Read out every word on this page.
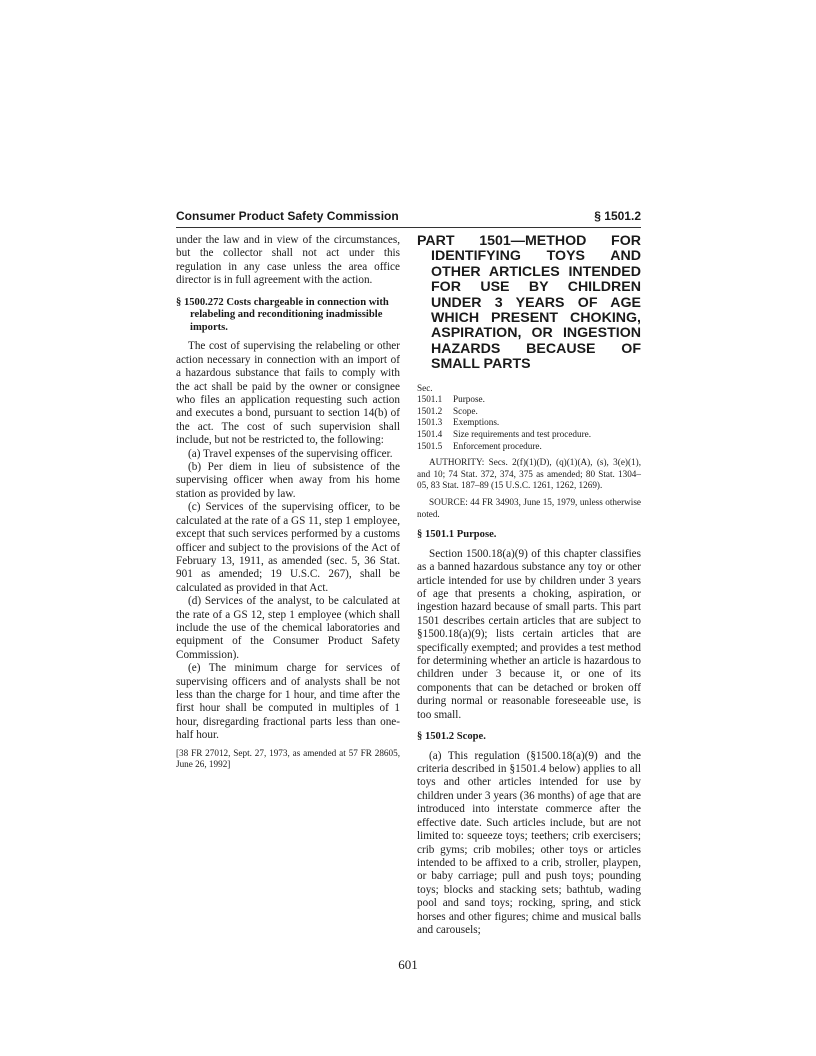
Consumer Product Safety Commission	§ 1501.2

under the law and in view of the circumstances, but the collector shall not act under this regulation in any case unless the area office director is in full agreement with the action.

§ 1500.272 Costs chargeable in connection with relabeling and reconditioning inadmissible imports.

The cost of supervising the relabeling or other action necessary in connection with an import of a hazardous substance that fails to comply with the act shall be paid by the owner or consignee who files an application requesting such action and executes a bond, pursuant to section 14(b) of the act. The cost of such supervision shall include, but not be restricted to, the following:

(a) Travel expenses of the supervising officer.

(b) Per diem in lieu of subsistence of the supervising officer when away from his home station as provided by law.

(c) Services of the supervising officer, to be calculated at the rate of a GS 11, step 1 employee, except that such services performed by a customs officer and subject to the provisions of the Act of February 13, 1911, as amended (sec. 5, 36 Stat. 901 as amended; 19 U.S.C. 267), shall be calculated as provided in that Act.

(d) Services of the analyst, to be calculated at the rate of a GS 12, step 1 employee (which shall include the use of the chemical laboratories and equipment of the Consumer Product Safety Commission).

(e) The minimum charge for services of supervising officers and of analysts shall be not less than the charge for 1 hour, and time after the first hour shall be computed in multiples of 1 hour, disregarding fractional parts less than one-half hour.

[38 FR 27012, Sept. 27, 1973, as amended at 57 FR 28605, June 26, 1992]

PART 1501—METHOD FOR IDENTIFYING TOYS AND OTHER ARTICLES INTENDED FOR USE BY CHILDREN UNDER 3 YEARS OF AGE WHICH PRESENT CHOKING, ASPIRATION, OR INGESTION HAZARDS BECAUSE OF SMALL PARTS

Sec.

1501.1	Purpose.
1501.2	Scope.
1501.3	Exemptions.
1501.4	Size requirements and test procedure.
1501.5	Enforcement procedure.

AUTHORITY: Secs. 2(f)(1)(D), (q)(1)(A), (s), 3(e)(1), and 10; 74 Stat. 372, 374, 375 as amended; 80 Stat. 1304–05, 83 Stat. 187–89 (15 U.S.C. 1261, 1262, 1269).

SOURCE: 44 FR 34903, June 15, 1979, unless otherwise noted.

§ 1501.1 Purpose.

Section 1500.18(a)(9) of this chapter classifies as a banned hazardous substance any toy or other article intended for use by children under 3 years of age that presents a choking, aspiration, or ingestion hazard because of small parts. This part 1501 describes certain articles that are subject to §1500.18(a)(9); lists certain articles that are specifically exempted; and provides a test method for determining whether an article is hazardous to children under 3 because it, or one of its components that can be detached or broken off during normal or reasonable foreseeable use, is too small.

§ 1501.2 Scope.

(a) This regulation (§1500.18(a)(9) and the criteria described in §1501.4 below) applies to all toys and other articles intended for use by children under 3 years (36 months) of age that are introduced into interstate commerce after the effective date. Such articles include, but are not limited to: squeeze toys; teethers; crib exercisers; crib gyms; crib mobiles; other toys or articles intended to be affixed to a crib, stroller, playpen, or baby carriage; pull and push toys; pounding toys; blocks and stacking sets; bathtub, wading pool and sand toys; rocking, spring, and stick horses and other figures; chime and musical balls and carousels;

601
